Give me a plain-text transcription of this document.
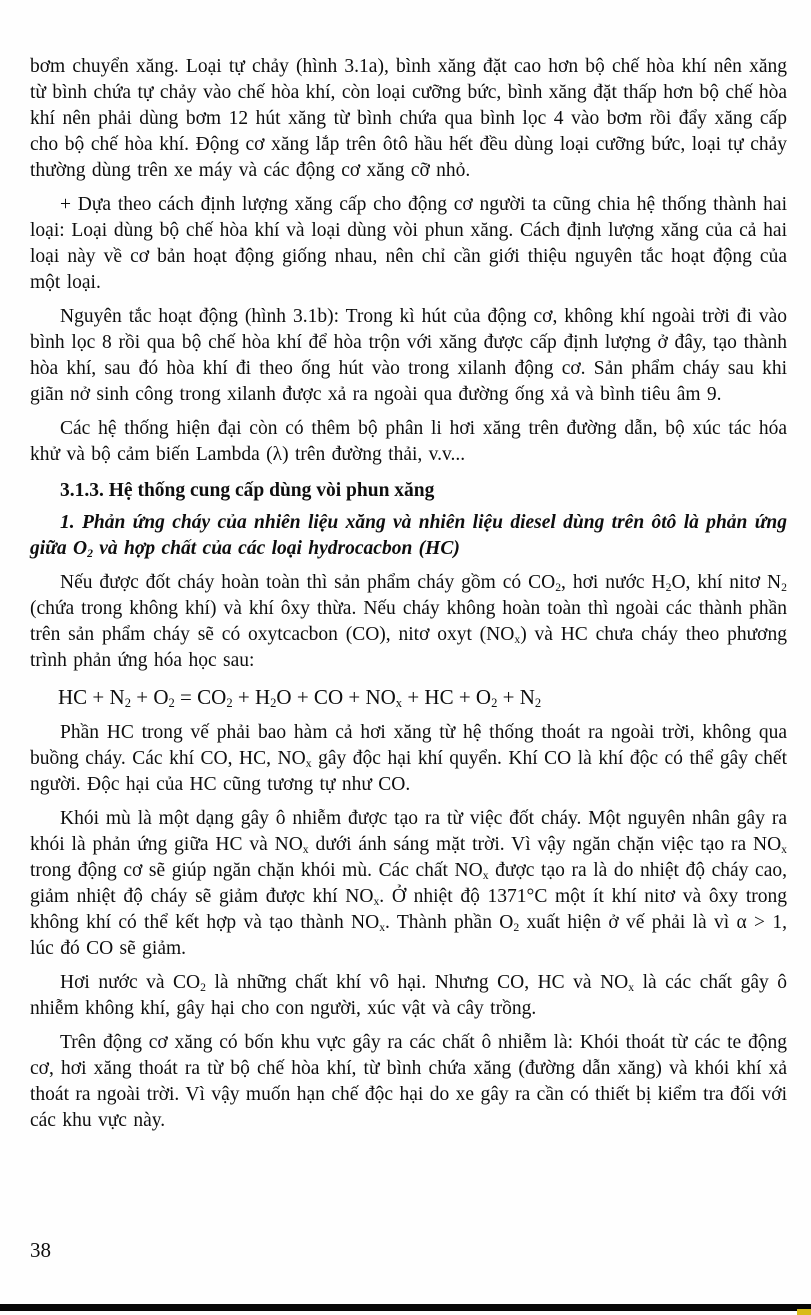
bơm chuyển xăng. Loại tự chảy (hình 3.1a), bình xăng đặt cao hơn bộ chế hòa khí nên xăng từ bình chứa tự chảy vào chế hòa khí, còn loại cưỡng bức, bình xăng đặt thấp hơn bộ chế hòa khí nên phải dùng bơm 12 hút xăng từ bình chứa qua bình lọc 4 vào bơm rồi đẩy xăng cấp cho bộ chế hòa khí. Động cơ xăng lắp trên ôtô hầu hết đều dùng loại cưỡng bức, loại tự chảy thường dùng trên xe máy và các động cơ xăng cỡ nhỏ.

+ Dựa theo cách định lượng xăng cấp cho động cơ người ta cũng chia hệ thống thành hai loại: Loại dùng bộ chế hòa khí và loại dùng vòi phun xăng. Cách định lượng xăng của cả hai loại này về cơ bản hoạt động giống nhau, nên chỉ cần giới thiệu nguyên tắc hoạt động của một loại.

Nguyên tắc hoạt động (hình 3.1b): Trong kì hút của động cơ, không khí ngoài trời đi vào bình lọc 8 rồi qua bộ chế hòa khí để hòa trộn với xăng được cấp định lượng ở đây, tạo thành hòa khí, sau đó hòa khí đi theo ống hút vào trong xilanh động cơ. Sản phẩm cháy sau khi giãn nở sinh công trong xilanh được xả ra ngoài qua đường ống xả và bình tiêu âm 9.

Các hệ thống hiện đại còn có thêm bộ phân li hơi xăng trên đường dẫn, bộ xúc tác hóa khử và bộ cảm biến Lambda (λ) trên đường thải, v.v...

3.1.3. Hệ thống cung cấp dùng vòi phun xăng
1. Phản ứng cháy của nhiên liệu xăng và nhiên liệu diesel dùng trên ôtô là phản ứng giữa $O_2$ và hợp chất của các loại hydrocacbon (HC)

Nếu được đốt cháy hoàn toàn thì sản phẩm cháy gồm có $CO_2$, hơi nước $H_2O$, khí nitơ $N_2$ (chứa trong không khí) và khí ôxy thừa. Nếu cháy không hoàn toàn thì ngoài các thành phần trên sản phẩm cháy sẽ có oxytcacbon (CO), nitơ oxyt $(NO_x)$ và HC chưa cháy theo phương trình phản ứng hóa học sau:

HC + $N_2 + O_2 = CO_2 + H_2O$ + CO + $NO_x$ + HC + $O_2 + N_2$

Phần HC trong vế phải bao hàm cả hơi xăng từ hệ thống thoát ra ngoài trời, không qua buồng cháy. Các khí CO, HC, $NO_x$ gây độc hại khí quyển. Khí CO là khí độc có thể gây chết người. Độc hại của HC cũng tương tự như CO.

Khói mù là một dạng gây ô nhiễm được tạo ra từ việc đốt cháy. Một nguyên nhân gây ra khói là phản ứng giữa HC và $NO_x$ dưới ánh sáng mặt trời. Vì vậy ngăn chặn việc tạo ra $NO_x$ trong động cơ sẽ giúp ngăn chặn khói mù. Các chất $NO_x$ được tạo ra là do nhiệt độ cháy cao, giảm nhiệt độ cháy sẽ giảm được khí $NO_x$. Ở nhiệt độ 1371°C một ít khí nitơ và ôxy trong không khí có thể kết hợp và tạo thành $NO_x$. Thành phần $O_2$ xuất hiện ở vế phải là vì α > 1, lúc đó CO sẽ giảm.

Hơi nước và $CO_2$ là những chất khí vô hại. Nhưng CO, HC và $NO_x$ là các chất gây ô nhiễm không khí, gây hại cho con người, xúc vật và cây trồng.

Trên động cơ xăng có bốn khu vực gây ra các chất ô nhiễm là: Khói thoát từ các te động cơ, hơi xăng thoát ra từ bộ chế hòa khí, từ bình chứa xăng (đường dẫn xăng) và khói khí xả thoát ra ngoài trời. Vì vậy muốn hạn chế độc hại do xe gây ra cần có thiết bị kiểm tra đối với các khu vực này.

38
